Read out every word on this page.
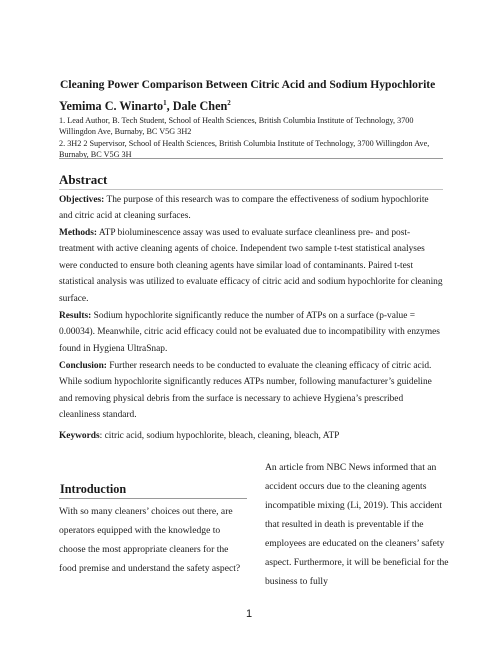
Cleaning Power Comparison Between Citric Acid and Sodium Hypochlorite
Yemima C. Winarto$^1$, Dale Chen$^2$
1. Lead Author, B. Tech Student, School of Health Sciences, British Columbia Institute of Technology, 3700 Willingdon Ave, Burnaby, BC V5G 3H2
2. 3H2 2 Supervisor, School of Health Sciences, British Columbia Institute of Technology, 3700 Willingdon Ave, Burnaby, BC V5G 3H
Abstract
Objectives: The purpose of this research was to compare the effectiveness of sodium hypochlorite and citric acid at cleaning surfaces.
Methods: ATP bioluminescence assay was used to evaluate surface cleanliness pre- and post-treatment with active cleaning agents of choice. Independent two sample t-test statistical analyses were conducted to ensure both cleaning agents have similar load of contaminants. Paired t-test statistical analysis was utilized to evaluate efficacy of citric acid and sodium hypochlorite for cleaning surface.
Results: Sodium hypochlorite significantly reduce the number of ATPs on a surface (p-value = 0.00034). Meanwhile, citric acid efficacy could not be evaluated due to incompatibility with enzymes found in Hygiena UltraSnap.
Conclusion: Further research needs to be conducted to evaluate the cleaning efficacy of citric acid. While sodium hypochlorite significantly reduces ATPs number, following manufacturer’s guideline and removing physical debris from the surface is necessary to achieve Hygiena’s prescribed cleanliness standard.
Keywords: citric acid, sodium hypochlorite, bleach, cleaning, bleach, ATP
Introduction
With so many cleaners’ choices out there, are operators equipped with the knowledge to choose the most appropriate cleaners for the food premise and understand the safety aspect?
An article from NBC News informed that an accident occurs due to the cleaning agents incompatible mixing (Li, 2019). This accident that resulted in death is preventable if the employees are educated on the cleaners’ safety aspect. Furthermore, it will be beneficial for the business to fully
1
